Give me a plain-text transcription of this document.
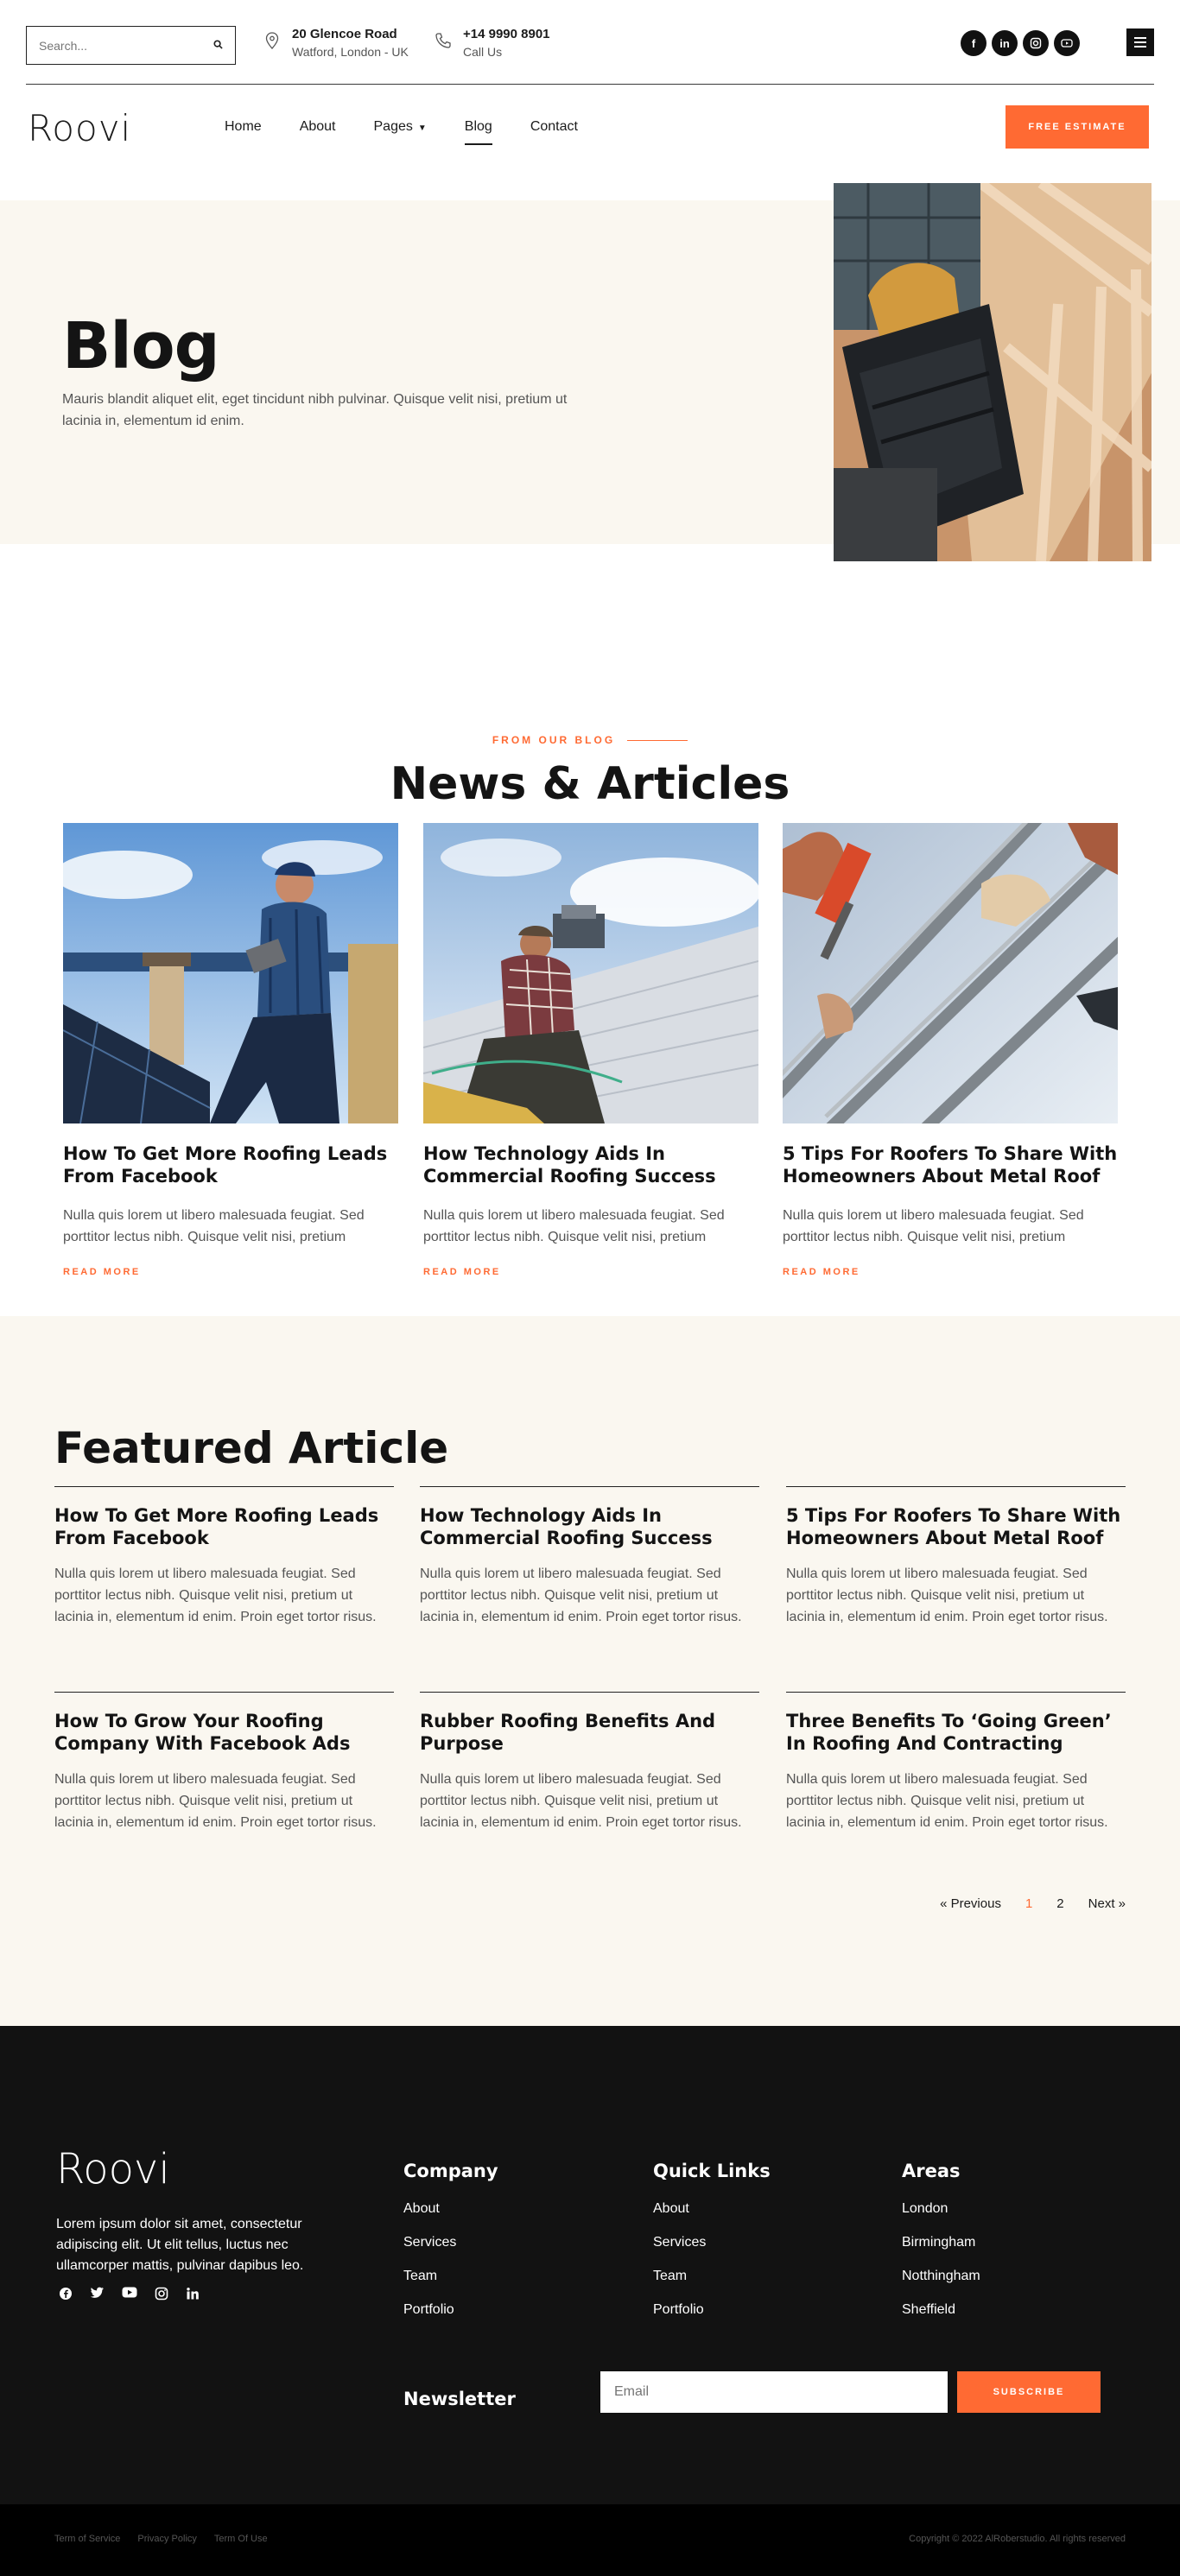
Search...
20 Glencoe Road
Watford, London - UK
+14 9990 8901
Call Us
f	in
Roovi	Home	About	Pages ▼	Blog	Contact	FREE ESTIMATE
Blog

Mauris blandit aliquet elit, eget tincidunt nibh pulvinar. Quisque velit nisi, pretium ut lacinia in, elementum id enim.

FROM OUR BLOG
News & Articles
How To Get More Roofing Leads From Facebook

Nulla quis lorem ut libero malesuada feugiat. Sed porttitor lectus nibh. Quisque velit nisi, pretium

READ MORE
How Technology Aids In Commercial Roofing Success

Nulla quis lorem ut libero malesuada feugiat. Sed porttitor lectus nibh. Quisque velit nisi, pretium

READ MORE
5 Tips For Roofers To Share With Homeowners About Metal Roof

Nulla quis lorem ut libero malesuada feugiat. Sed porttitor lectus nibh. Quisque velit nisi, pretium

READ MORE
Featured Article
How To Get More Roofing Leads From Facebook

Nulla quis lorem ut libero malesuada feugiat. Sed porttitor lectus nibh. Quisque velit nisi, pretium ut lacinia in, elementum id enim. Proin eget tortor risus.

How Technology Aids In Commercial Roofing Success

Nulla quis lorem ut libero malesuada feugiat. Sed porttitor lectus nibh. Quisque velit nisi, pretium ut lacinia in, elementum id enim. Proin eget tortor risus.

5 Tips For Roofers To Share With Homeowners About Metal Roof

Nulla quis lorem ut libero malesuada feugiat. Sed porttitor lectus nibh. Quisque velit nisi, pretium ut lacinia in, elementum id enim. Proin eget tortor risus.

How To Grow Your Roofing Company With Facebook Ads

Nulla quis lorem ut libero malesuada feugiat. Sed porttitor lectus nibh. Quisque velit nisi, pretium ut lacinia in, elementum id enim. Proin eget tortor risus.

Rubber Roofing Benefits And Purpose

Nulla quis lorem ut libero malesuada feugiat. Sed porttitor lectus nibh. Quisque velit nisi, pretium ut lacinia in, elementum id enim. Proin eget tortor risus.

Three Benefits To ‘Going Green’ In Roofing And Contracting

Nulla quis lorem ut libero malesuada feugiat. Sed porttitor lectus nibh. Quisque velit nisi, pretium ut lacinia in, elementum id enim. Proin eget tortor risus.

« Previous 1 2 Next »
Roovi

Lorem ipsum dolor sit amet, consectetur adipiscing elit. Ut elit tellus, luctus nec ullamcorper mattis, pulvinar dapibus leo.

Company
About
Services
Team
Portfolio
Quick Links
About
Services
Team
Portfolio
Areas
London
Birmingham
Notthingham
Sheffield
Newsletter
Email	SUBSCRIBE
Term of Service Privacy Policy Term Of Use	Copyright © 2022 AlRoberstudio. All rights reserved
